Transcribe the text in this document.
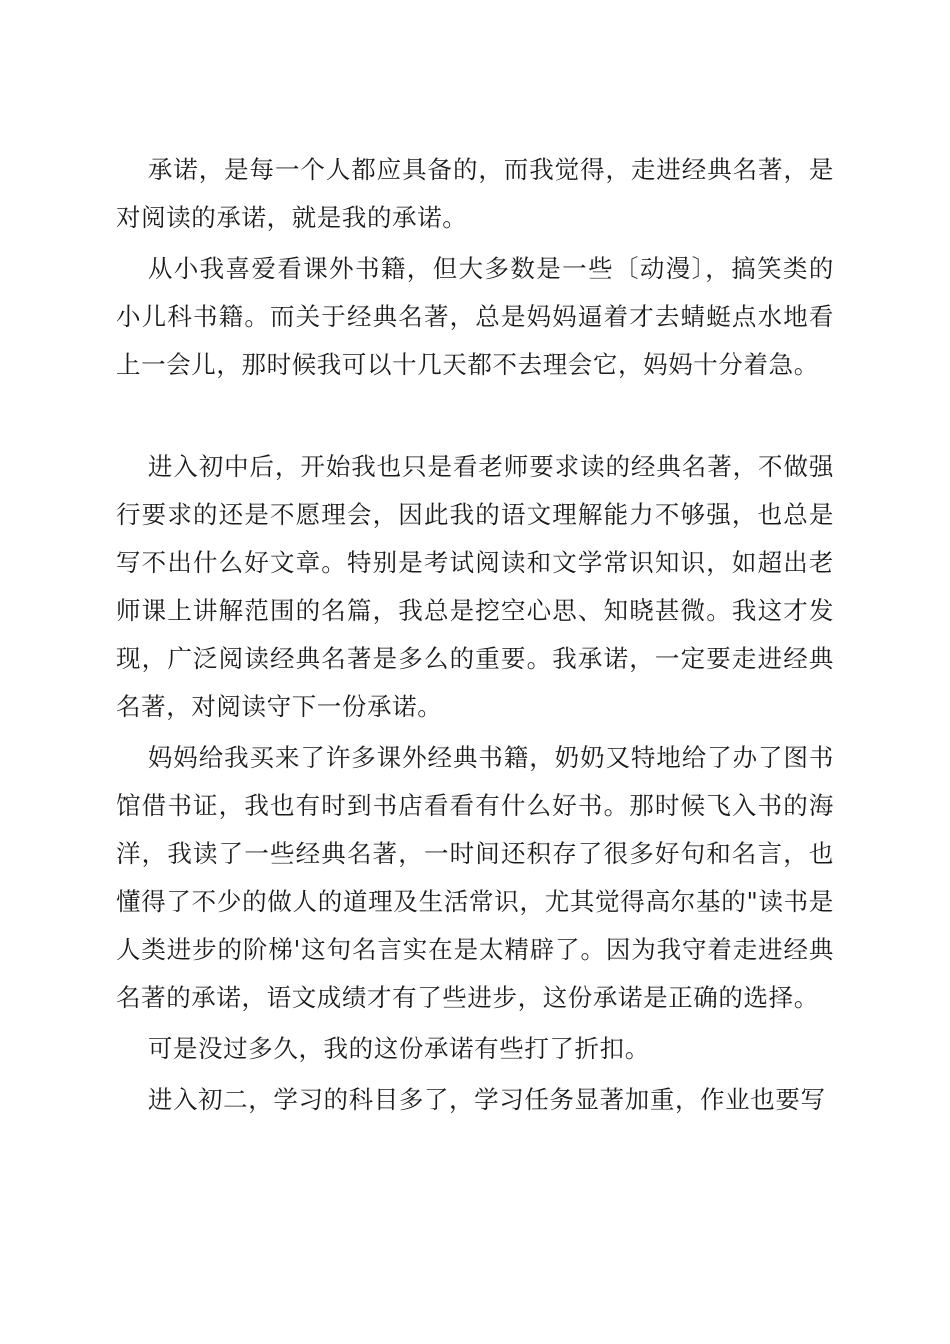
承诺，是每一个人都应具备的，而我觉得，走进经典名著，是对阅读的承诺，就是我的承诺。

从小我喜爱看课外书籍，但大多数是一些〔动漫〕，搞笑类的小儿科书籍。而关于经典名著，总是妈妈逼着才去蜻蜓点水地看上一会儿，那时候我可以十几天都不去理会它，妈妈十分着急。

进入初中后，开始我也只是看老师要求读的经典名著，不做强行要求的还是不愿理会，因此我的语文理解能力不够强，也总是写不出什么好文章。特别是考试阅读和文学常识知识，如超出老师课上讲解范围的名篇，我总是挖空心思、知晓甚微。我这才发现，广泛阅读经典名著是多么的重要。我承诺，一定要走进经典名著，对阅读守下一份承诺。

妈妈给我买来了许多课外经典书籍，奶奶又特地给了办了图书馆借书证，我也有时到书店看看有什么好书。那时候飞入书的海洋，我读了一些经典名著，一时间还积存了很多好句和名言，也懂得了不少的做人的道理及生活常识，尤其觉得高尔基的"读书是人类进步的阶梯'这句名言实在是太精辟了。因为我守着走进经典名著的承诺，语文成绩才有了些进步，这份承诺是正确的选择。

可是没过多久，我的这份承诺有些打了折扣。

进入初二，学习的科目多了，学习任务显著加重，作业也要写
